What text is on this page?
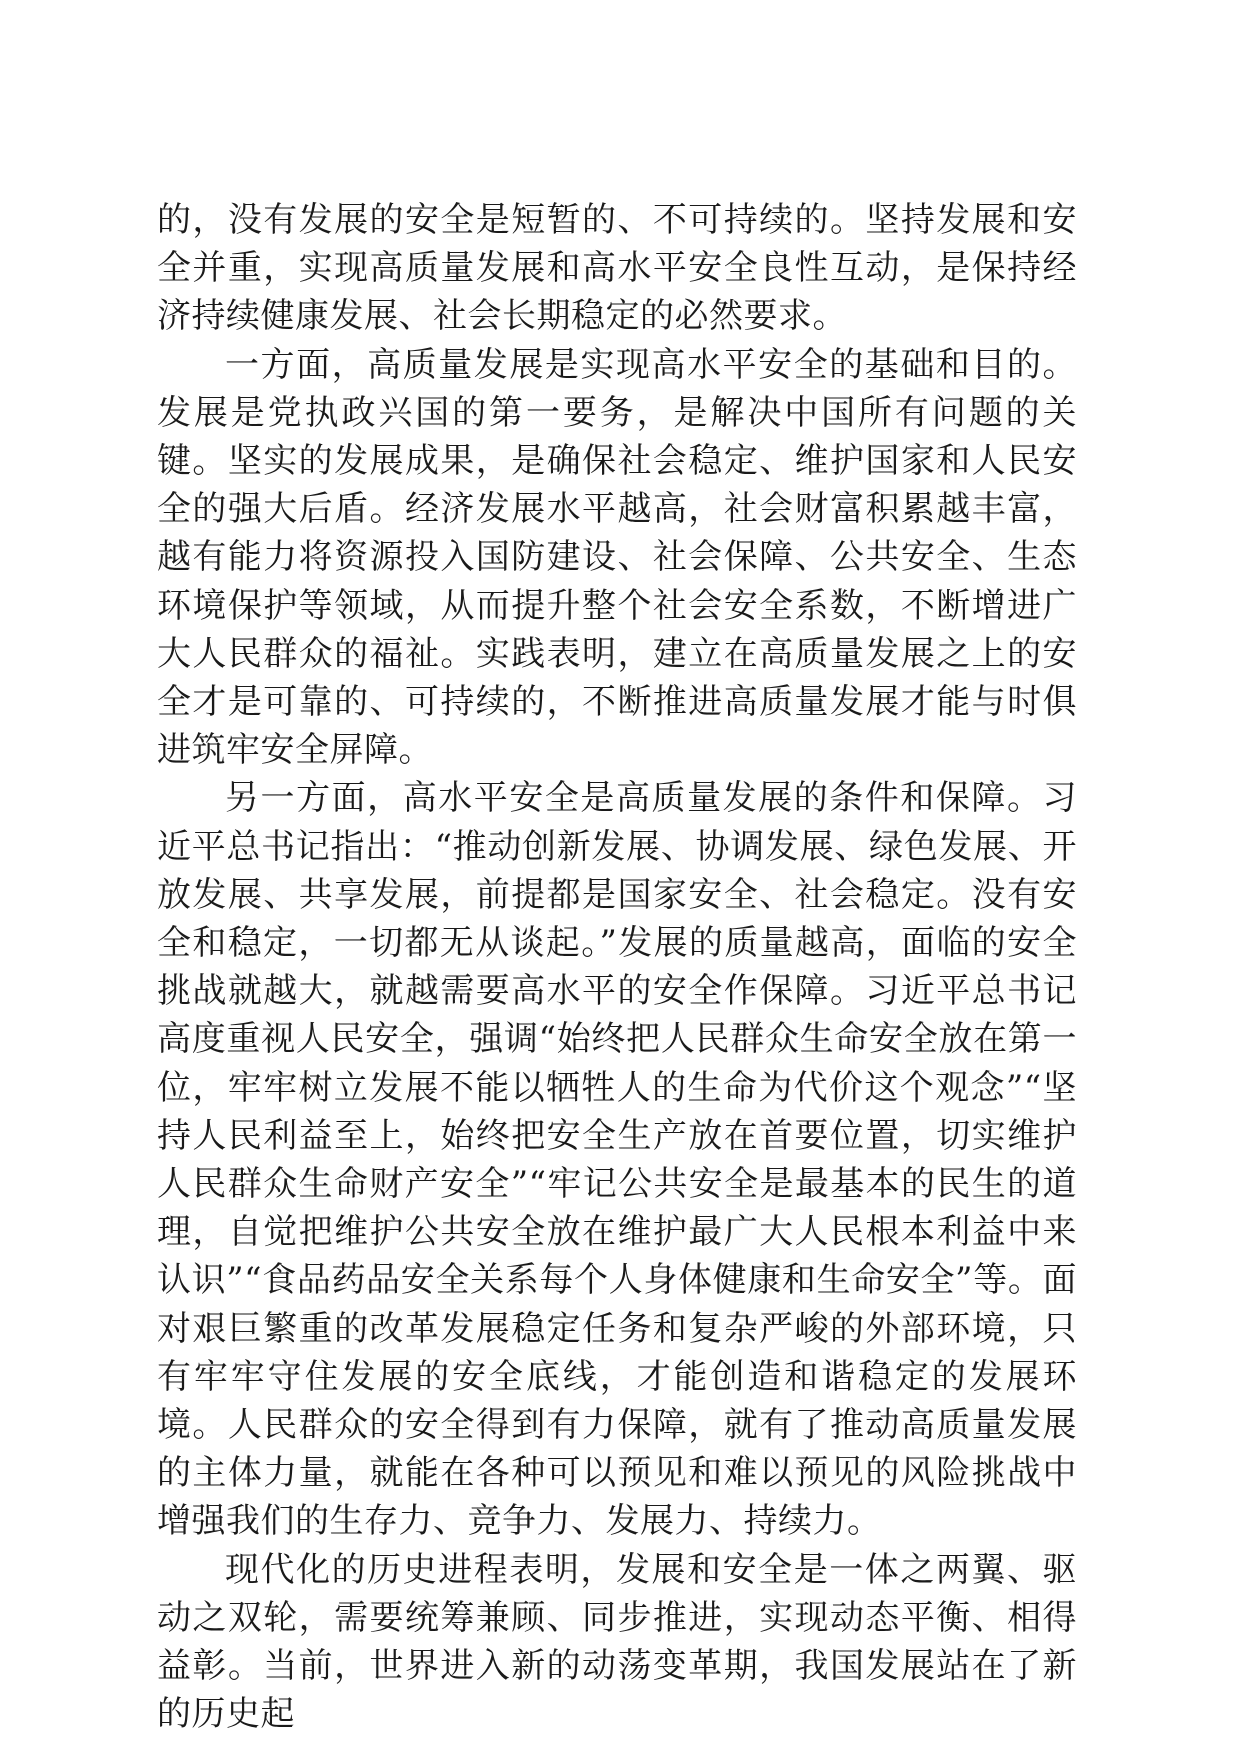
的，没有发展的安全是短暂的、不可持续的。坚持发展和安全并重，实现高质量发展和高水平安全良性互动，是保持经济持续健康发展、社会长期稳定的必然要求。

一方面，高质量发展是实现高水平安全的基础和目的。发展是党执政兴国的第一要务，是解决中国所有问题的关键。坚实的发展成果，是确保社会稳定、维护国家和人民安全的强大后盾。经济发展水平越高，社会财富积累越丰富，越有能力将资源投入国防建设、社会保障、公共安全、生态环境保护等领域，从而提升整个社会安全系数，不断增进广大人民群众的福祉。实践表明，建立在高质量发展之上的安全才是可靠的、可持续的，不断推进高质量发展才能与时俱进筑牢安全屏障。

另一方面，高水平安全是高质量发展的条件和保障。习近平总书记指出：“推动创新发展、协调发展、绿色发展、开放发展、共享发展，前提都是国家安全、社会稳定。没有安全和稳定，一切都无从谈起。”发展的质量越高，面临的安全挑战就越大，就越需要高水平的安全作保障。习近平总书记高度重视人民安全，强调“始终把人民群众生命安全放在第一位，牢牢树立发展不能以牺牲人的生命为代价这个观念”“坚持人民利益至上，始终把安全生产放在首要位置，切实维护人民群众生命财产安全”“牢记公共安全是最基本的民生的道理，自觉把维护公共安全放在维护最广大人民根本利益中来认识”“食品药品安全关系每个人身体健康和生命安全”等。面对艰巨繁重的改革发展稳定任务和复杂严峻的外部环境，只有牢牢守住发展的安全底线，才能创造和谐稳定的发展环境。人民群众的安全得到有力保障，就有了推动高质量发展的主体力量，就能在各种可以预见和难以预见的风险挑战中增强我们的生存力、竞争力、发展力、持续力。

现代化的历史进程表明，发展和安全是一体之两翼、驱动之双轮，需要统筹兼顾、同步推进，实现动态平衡、相得益彰。当前，世界进入新的动荡变革期，我国发展站在了新的历史起
